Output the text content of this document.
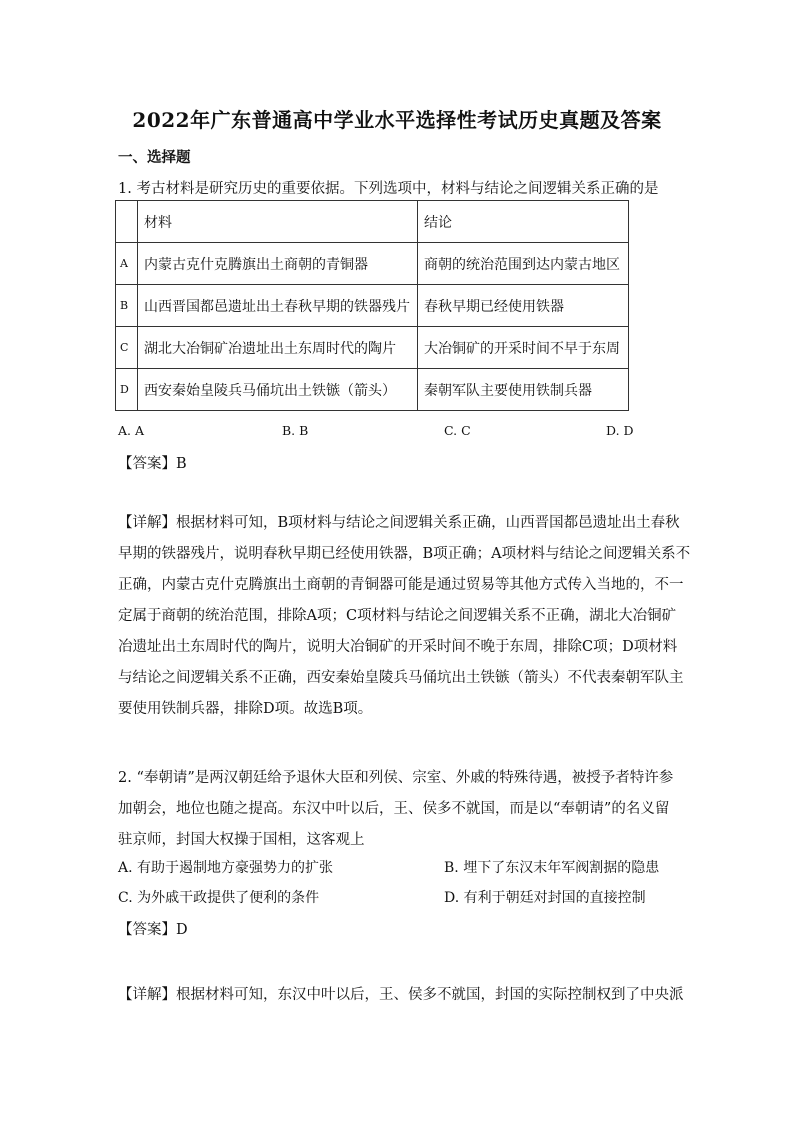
2022年广东普通高中学业水平选择性考试历史真题及答案
一、选择题
1. 考古材料是研究历史的重要依据。下列选项中，材料与结论之间逻辑关系正确的是
	材料	结论
A	内蒙古克什克腾旗出土商朝的青铜器	商朝的统治范围到达内蒙古地区
B	山西晋国都邑遗址出土春秋早期的铁器残片	春秋早期已经使用铁器
C	湖北大冶铜矿冶遗址出土东周时代的陶片	大冶铜矿的开采时间不早于东周
D	西安秦始皇陵兵马俑坑出土铁镞（箭头）	秦朝军队主要使用铁制兵器
A. A	B. B	C. C	D. D
【答案】B
【详解】根据材料可知，B项材料与结论之间逻辑关系正确，山西晋国都邑遗址出土春秋
早期的铁器残片，说明春秋早期已经使用铁器，B项正确；A项材料与结论之间逻辑关系不
正确，内蒙古克什克腾旗出土商朝的青铜器可能是通过贸易等其他方式传入当地的，不一
定属于商朝的统治范围，排除A项；C项材料与结论之间逻辑关系不正确，湖北大冶铜矿
冶遗址出土东周时代的陶片，说明大冶铜矿的开采时间不晚于东周，排除C项；D项材料
与结论之间逻辑关系不正确，西安秦始皇陵兵马俑坑出土铁镞（箭头）不代表秦朝军队主
要使用铁制兵器，排除D项。故选B项。
2. “奉朝请”是两汉朝廷给予退休大臣和列侯、宗室、外戚的特殊待遇，被授予者特许参
加朝会，地位也随之提高。东汉中叶以后，王、侯多不就国，而是以“奉朝请”的名义留
驻京师，封国大权操于国相，这客观上
A. 有助于遏制地方豪强势力的扩张	B. 埋下了东汉末年军阀割据的隐患
C. 为外戚干政提供了便利的条件	D. 有利于朝廷对封国的直接控制
【答案】D
【详解】根据材料可知，东汉中叶以后，王、侯多不就国，封国的实际控制权到了中央派
